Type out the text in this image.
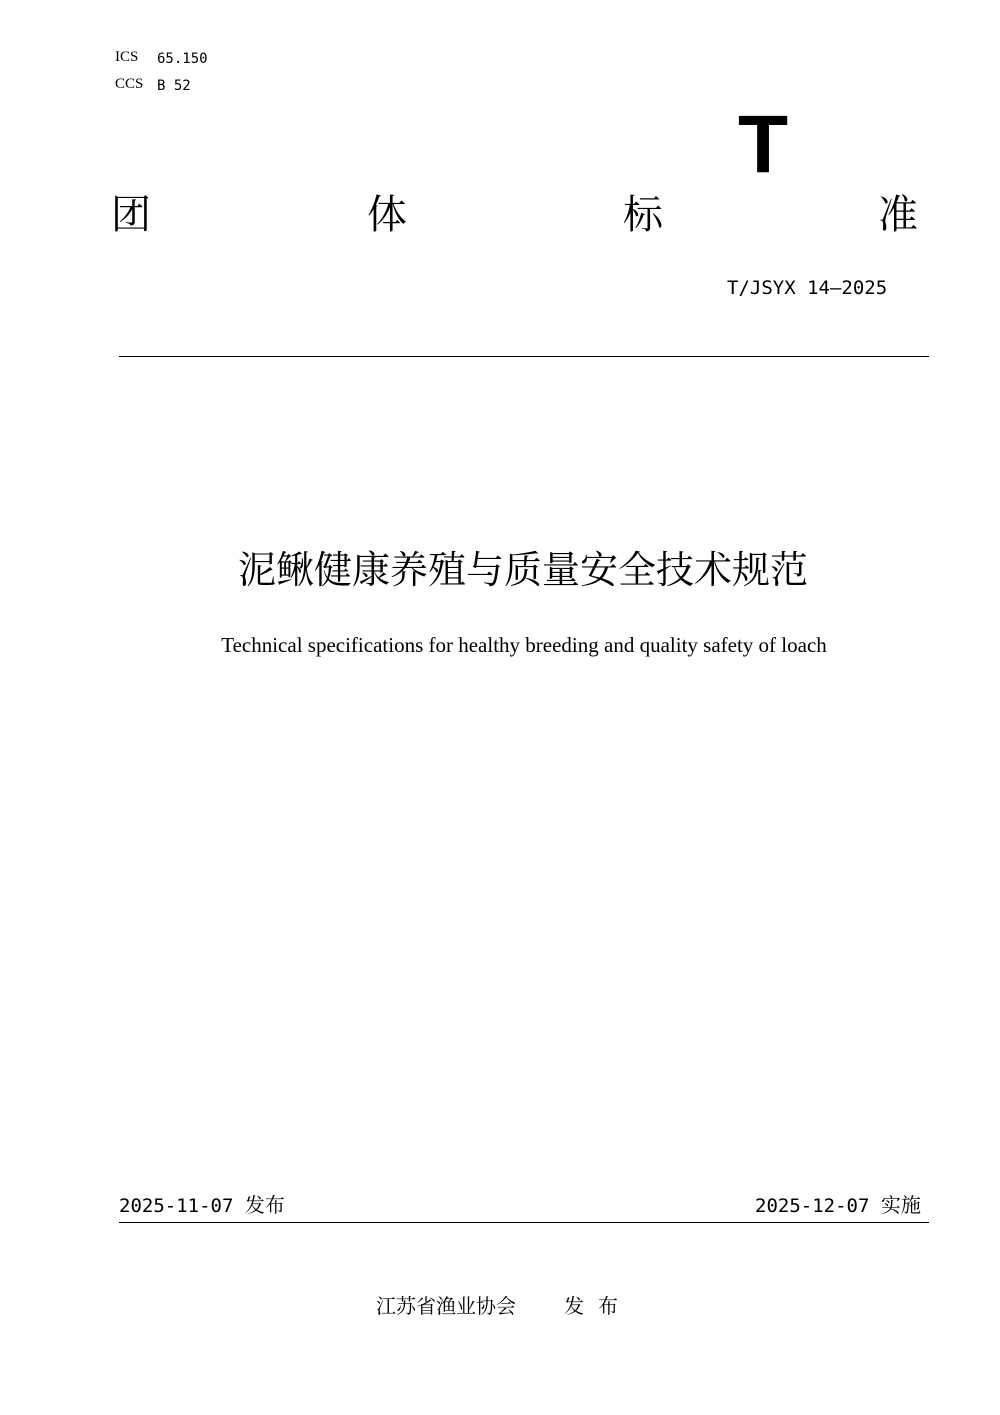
ICS 65.150
CCS B 52
T
团	体	标	准
T/JSYX 14—2025
泥鳅健康养殖与质量安全技术规范
Technical specifications for healthy breeding and quality safety of loach
2025-11-07 发布	2025-12-07 实施
江苏省渔业协会 发布
